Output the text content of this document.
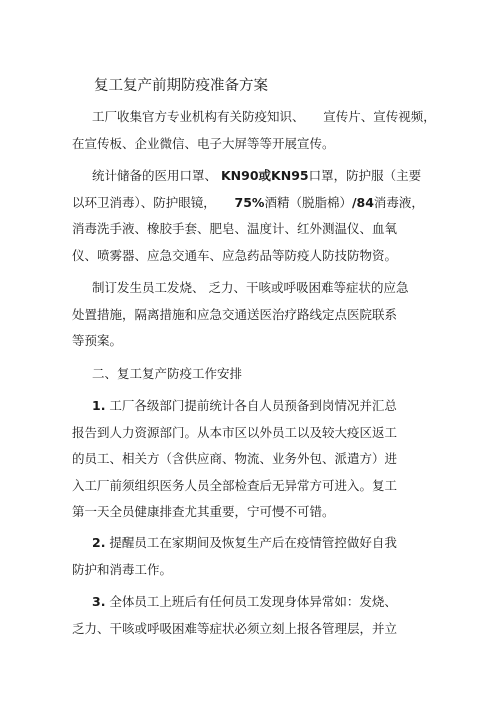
复工复产前期防疫准备方案
工厂收集官方专业机构有关防疫知识、　　宣传片、宣传视频，
在宣传板、企业微信、电子大屏等等开展宣传。
统计储备的医用口罩、 KN90或KN95口罩，防护服（主要
以环卫消毒）、防护眼镜，　　75%酒精（脱脂棉）/84消毒液，
消毒洗手液、橡胶手套、肥皂、温度计、红外测温仪、血氧
仪、喷雾器、应急交通车、应急药品等防疫人防技防物资。
制订发生员工发烧、 乏力、干咳或呼吸困难等症状的应急
处置措施，隔离措施和应急交通送医治疗路线定点医院联系
等预案。
二、复工复产防疫工作安排
1. 工厂各级部门提前统计各自人员预备到岗情况并汇总
报告到人力资源部门。从本市区以外员工以及较大疫区返工
的员工、相关方（含供应商、物流、业务外包、派遣方）进
入工厂前须组织医务人员全部检查后无异常方可进入。复工
第一天全员健康排查尤其重要，宁可慢不可错。
2. 提醒员工在家期间及恢复生产后在疫情管控做好自我
防护和消毒工作。
3. 全体员工上班后有任何员工发现身体异常如：发烧、
乏力、干咳或呼吸困难等症状必须立刻上报各管理层，并立
